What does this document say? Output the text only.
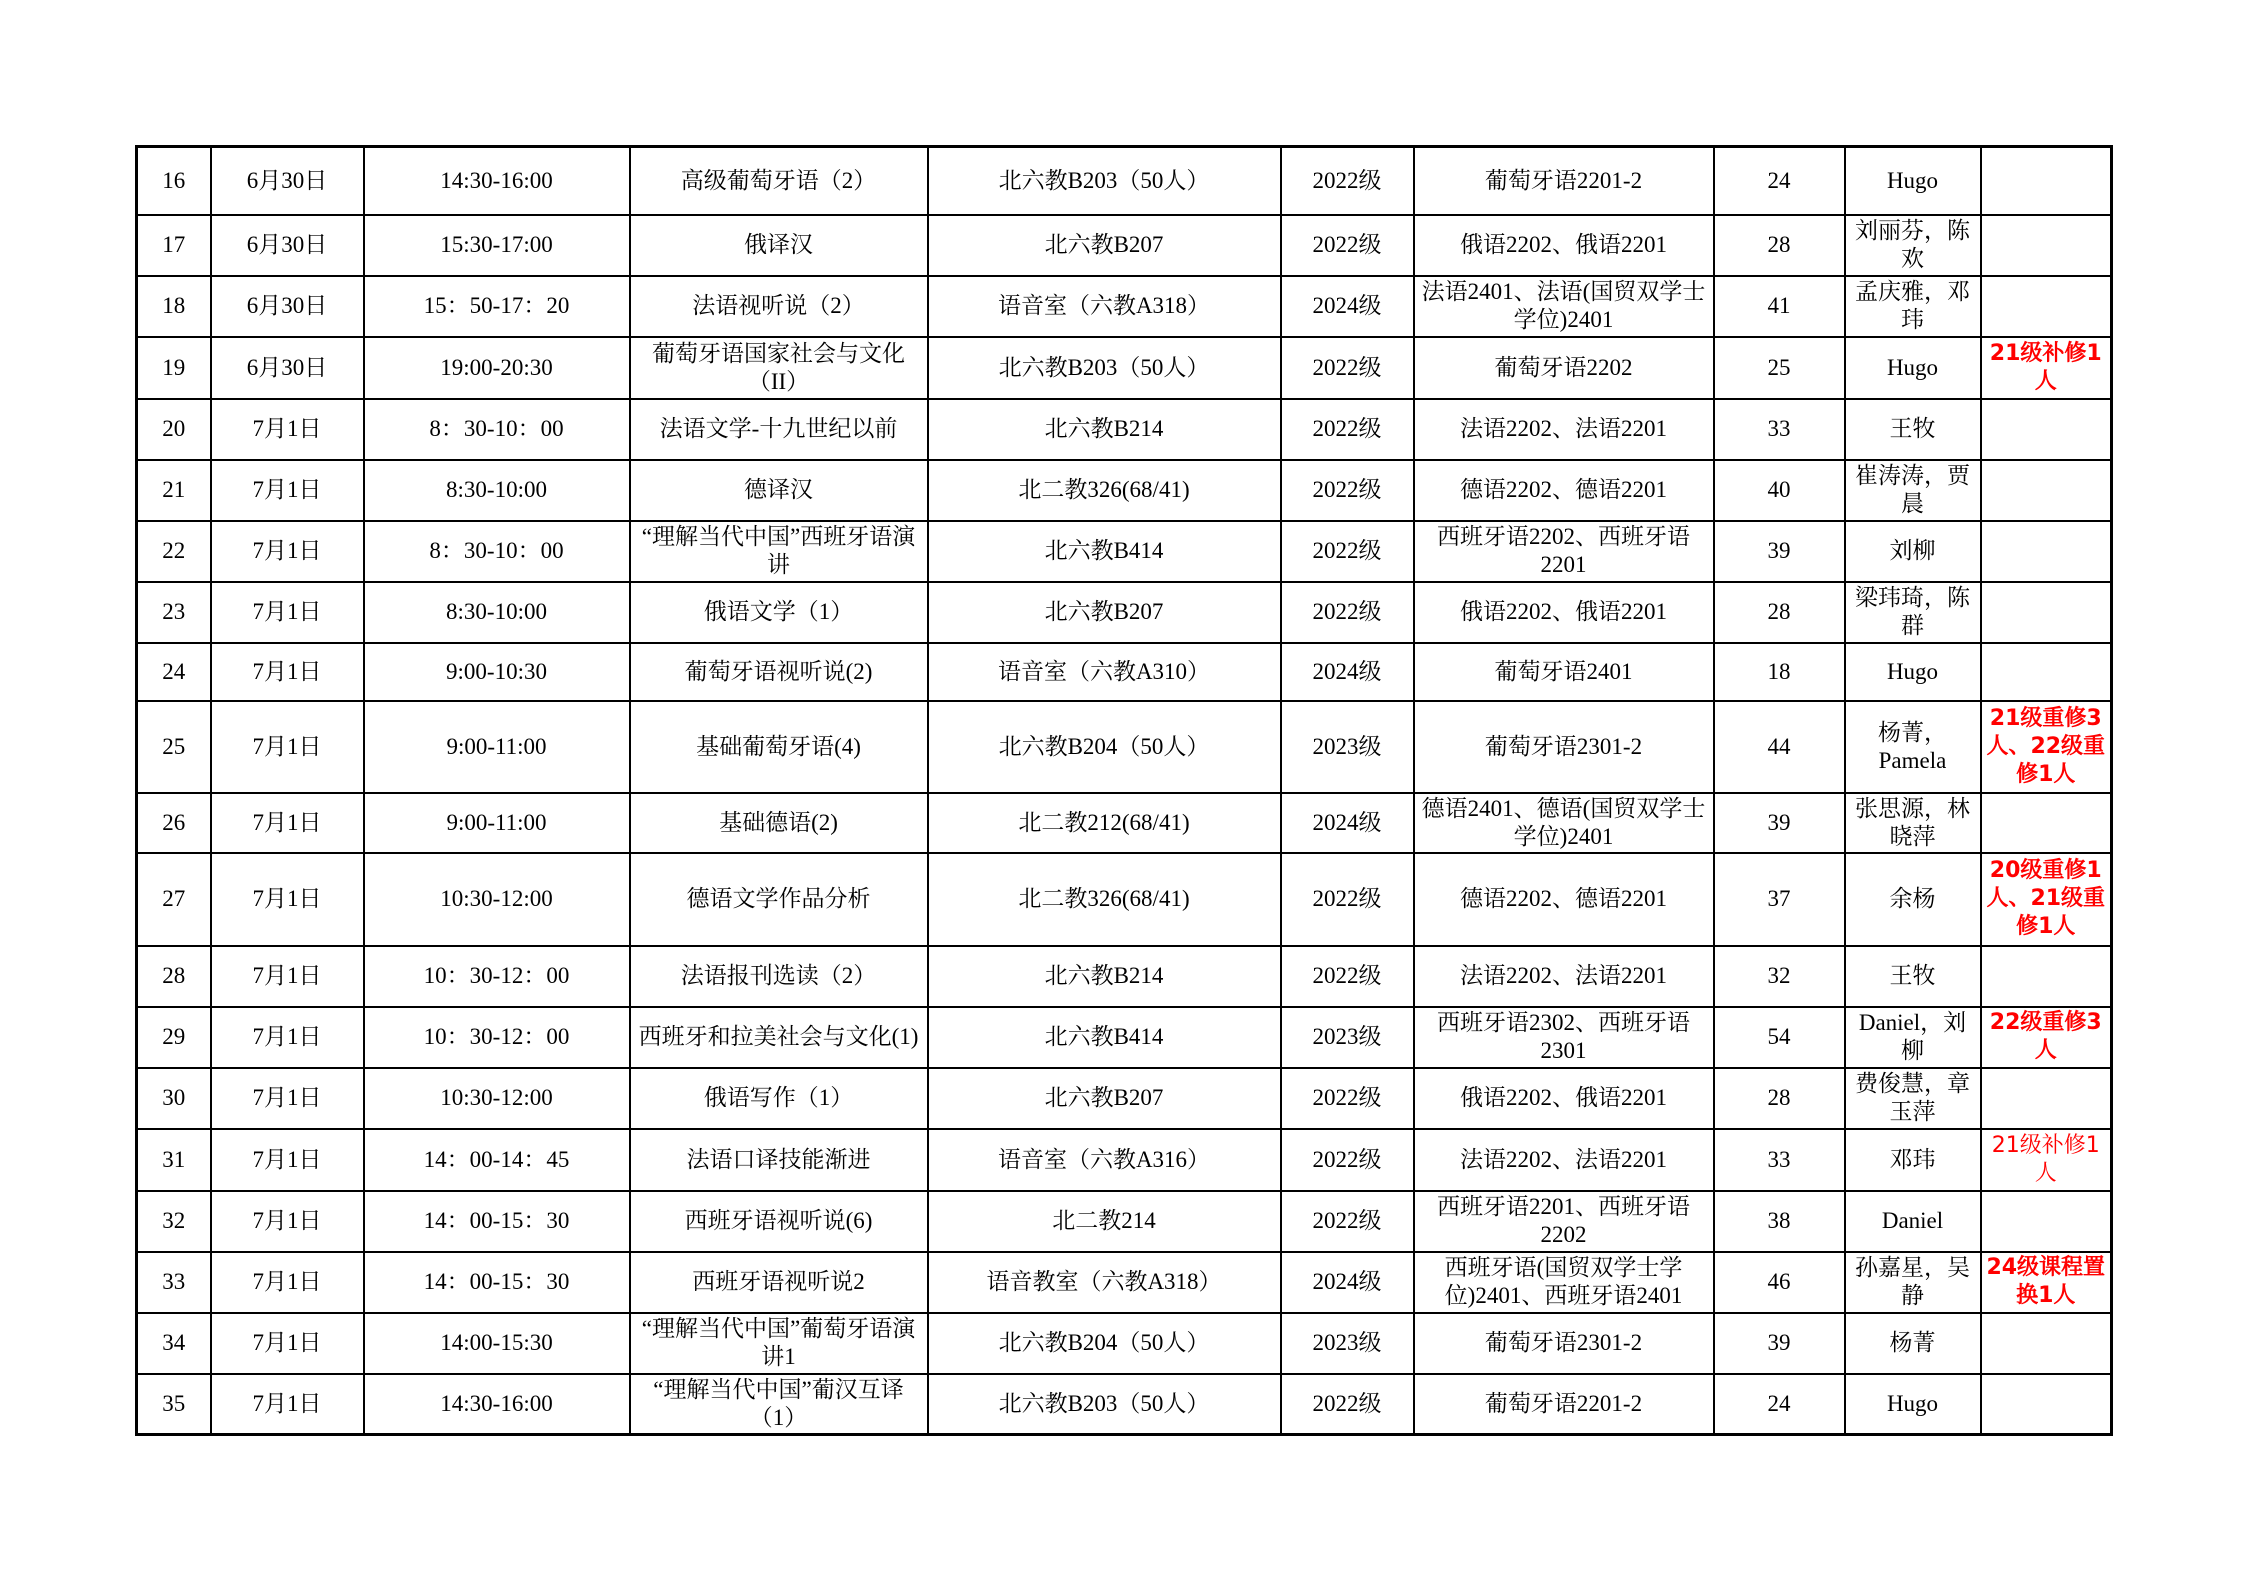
16	6月30日	14:30-16:00	高级葡萄牙语（2）	北六教B203（50人）	2022级	葡萄牙语2201-2	24	Hugo	
17	6月30日	15:30-17:00	俄译汉	北六教B207	2022级	俄语2202、俄语2201	28	刘丽芬，陈欢	
18	6月30日	15：50-17：20	法语视听说（2）	语音室（六教A318）	2024级	法语2401、法语(国贸双学士学位)2401	41	孟庆雅，邓玮	
19	6月30日	19:00-20:30	葡萄牙语国家社会与文化（II）	北六教B203（50人）	2022级	葡萄牙语2202	25	Hugo	21级补修1人
20	7月1日	8：30-10：00	法语文学-十九世纪以前	北六教B214	2022级	法语2202、法语2201	33	王牧	
21	7月1日	8:30-10:00	德译汉	北二教326(68/41)	2022级	德语2202、德语2201	40	崔涛涛，贾晨	
22	7月1日	8：30-10：00	“理解当代中国”西班牙语演讲	北六教B414	2022级	西班牙语2202、西班牙语2201	39	刘柳	
23	7月1日	8:30-10:00	俄语文学（1）	北六教B207	2022级	俄语2202、俄语2201	28	梁玮琦，陈群	
24	7月1日	9:00-10:30	葡萄牙语视听说(2)	语音室（六教A310）	2024级	葡萄牙语2401	18	Hugo	
25	7月1日	9:00-11:00	基础葡萄牙语(4)	北六教B204（50人）	2023级	葡萄牙语2301-2	44	杨菁，Pamela	21级重修3人、22级重修1人
26	7月1日	9:00-11:00	基础德语(2)	北二教212(68/41)	2024级	德语2401、德语(国贸双学士学位)2401	39	张思源，林晓萍	
27	7月1日	10:30-12:00	德语文学作品分析	北二教326(68/41)	2022级	德语2202、德语2201	37	余杨	20级重修1人、21级重修1人
28	7月1日	10：30-12：00	法语报刊选读（2）	北六教B214	2022级	法语2202、法语2201	32	王牧	
29	7月1日	10：30-12：00	西班牙和拉美社会与文化(1)	北六教B414	2023级	西班牙语2302、西班牙语2301	54	Daniel，刘柳	22级重修3人
30	7月1日	10:30-12:00	俄语写作（1）	北六教B207	2022级	俄语2202、俄语2201	28	费俊慧，章玉萍	
31	7月1日	14：00-14：45	法语口译技能渐进	语音室（六教A316）	2022级	法语2202、法语2201	33	邓玮	21级补修1人
32	7月1日	14：00-15：30	西班牙语视听说(6)	北二教214	2022级	西班牙语2201、西班牙语2202	38	Daniel	
33	7月1日	14：00-15：30	西班牙语视听说2	语音教室（六教A318）	2024级	西班牙语(国贸双学士学位)2401、西班牙语2401	46	孙嘉星，吴静	24级课程置换1人
34	7月1日	14:00-15:30	“理解当代中国”葡萄牙语演讲1	北六教B204（50人）	2023级	葡萄牙语2301-2	39	杨菁	
35	7月1日	14:30-16:00	“理解当代中国”葡汉互译（1）	北六教B203（50人）	2022级	葡萄牙语2201-2	24	Hugo	
